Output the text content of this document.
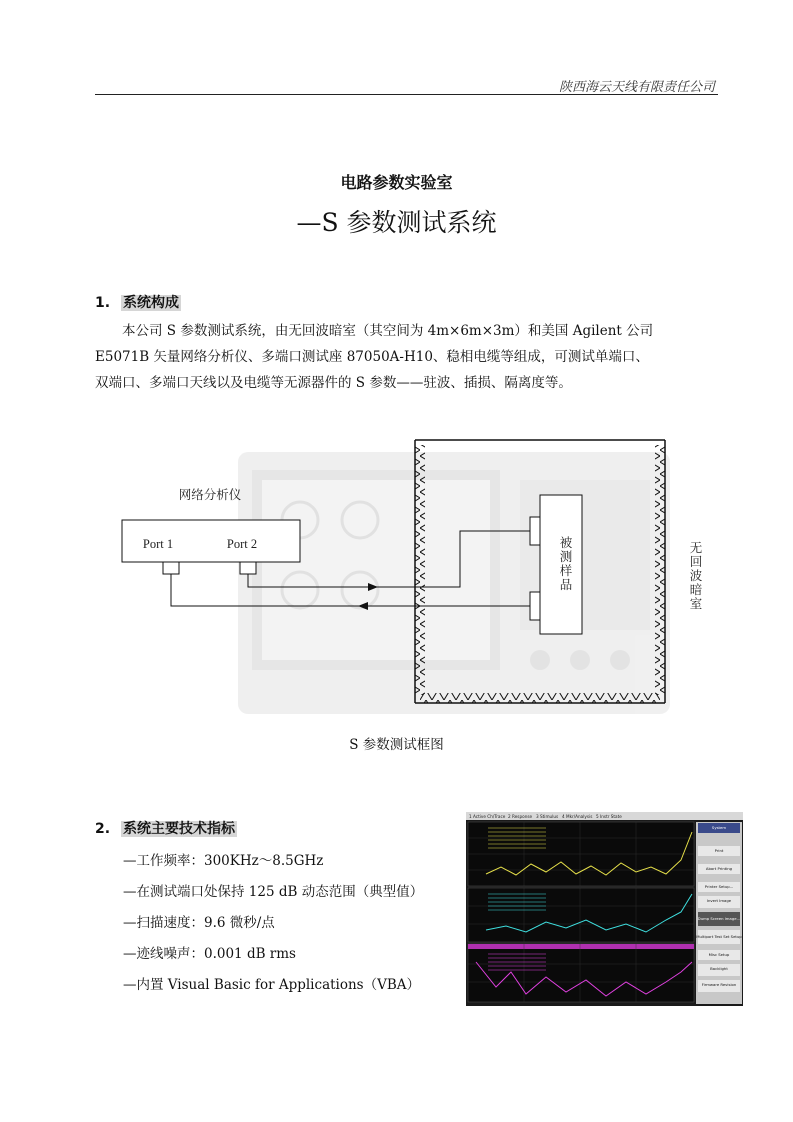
陕西海云天线有限责任公司
电路参数实验室
—S 参数测试系统
1. 系统构成

本公司 S 参数测试系统，由无回波暗室（其空间为 4m×6m×3m）和美国 Agilent 公司

E5071B 矢量网络分析仪、多端口测试座 87050A-H10、稳相电缆等组成，可测试单端口、

双端口、多端口天线以及电缆等无源器件的 S 参数——驻波、插损、隔离度等。

网络分析仪
Port 1	Port 2	被
测
样
品
无
回
波
暗
室
S 参数测试框图
2. 系统主要技术指标
—工作频率：300KHz～8.5GHz
—在测试端口处保持 125 dB 动态范围（典型值）
—扫描速度：9.6 微秒/点
—迹线噪声：0.001 dB rms
—内置 Visual Basic for Applications（VBA）
1 Active Ch/Trace 2 Response 3 Stimulus 4 Mkr/Analysis 5 Instr State
System
Print
Abort Printing
Printer Setup...
Invert Image
Dump Screen Image...
Multiport Test Set Setup
Misc Setup
Backlight
Firmware Revision
